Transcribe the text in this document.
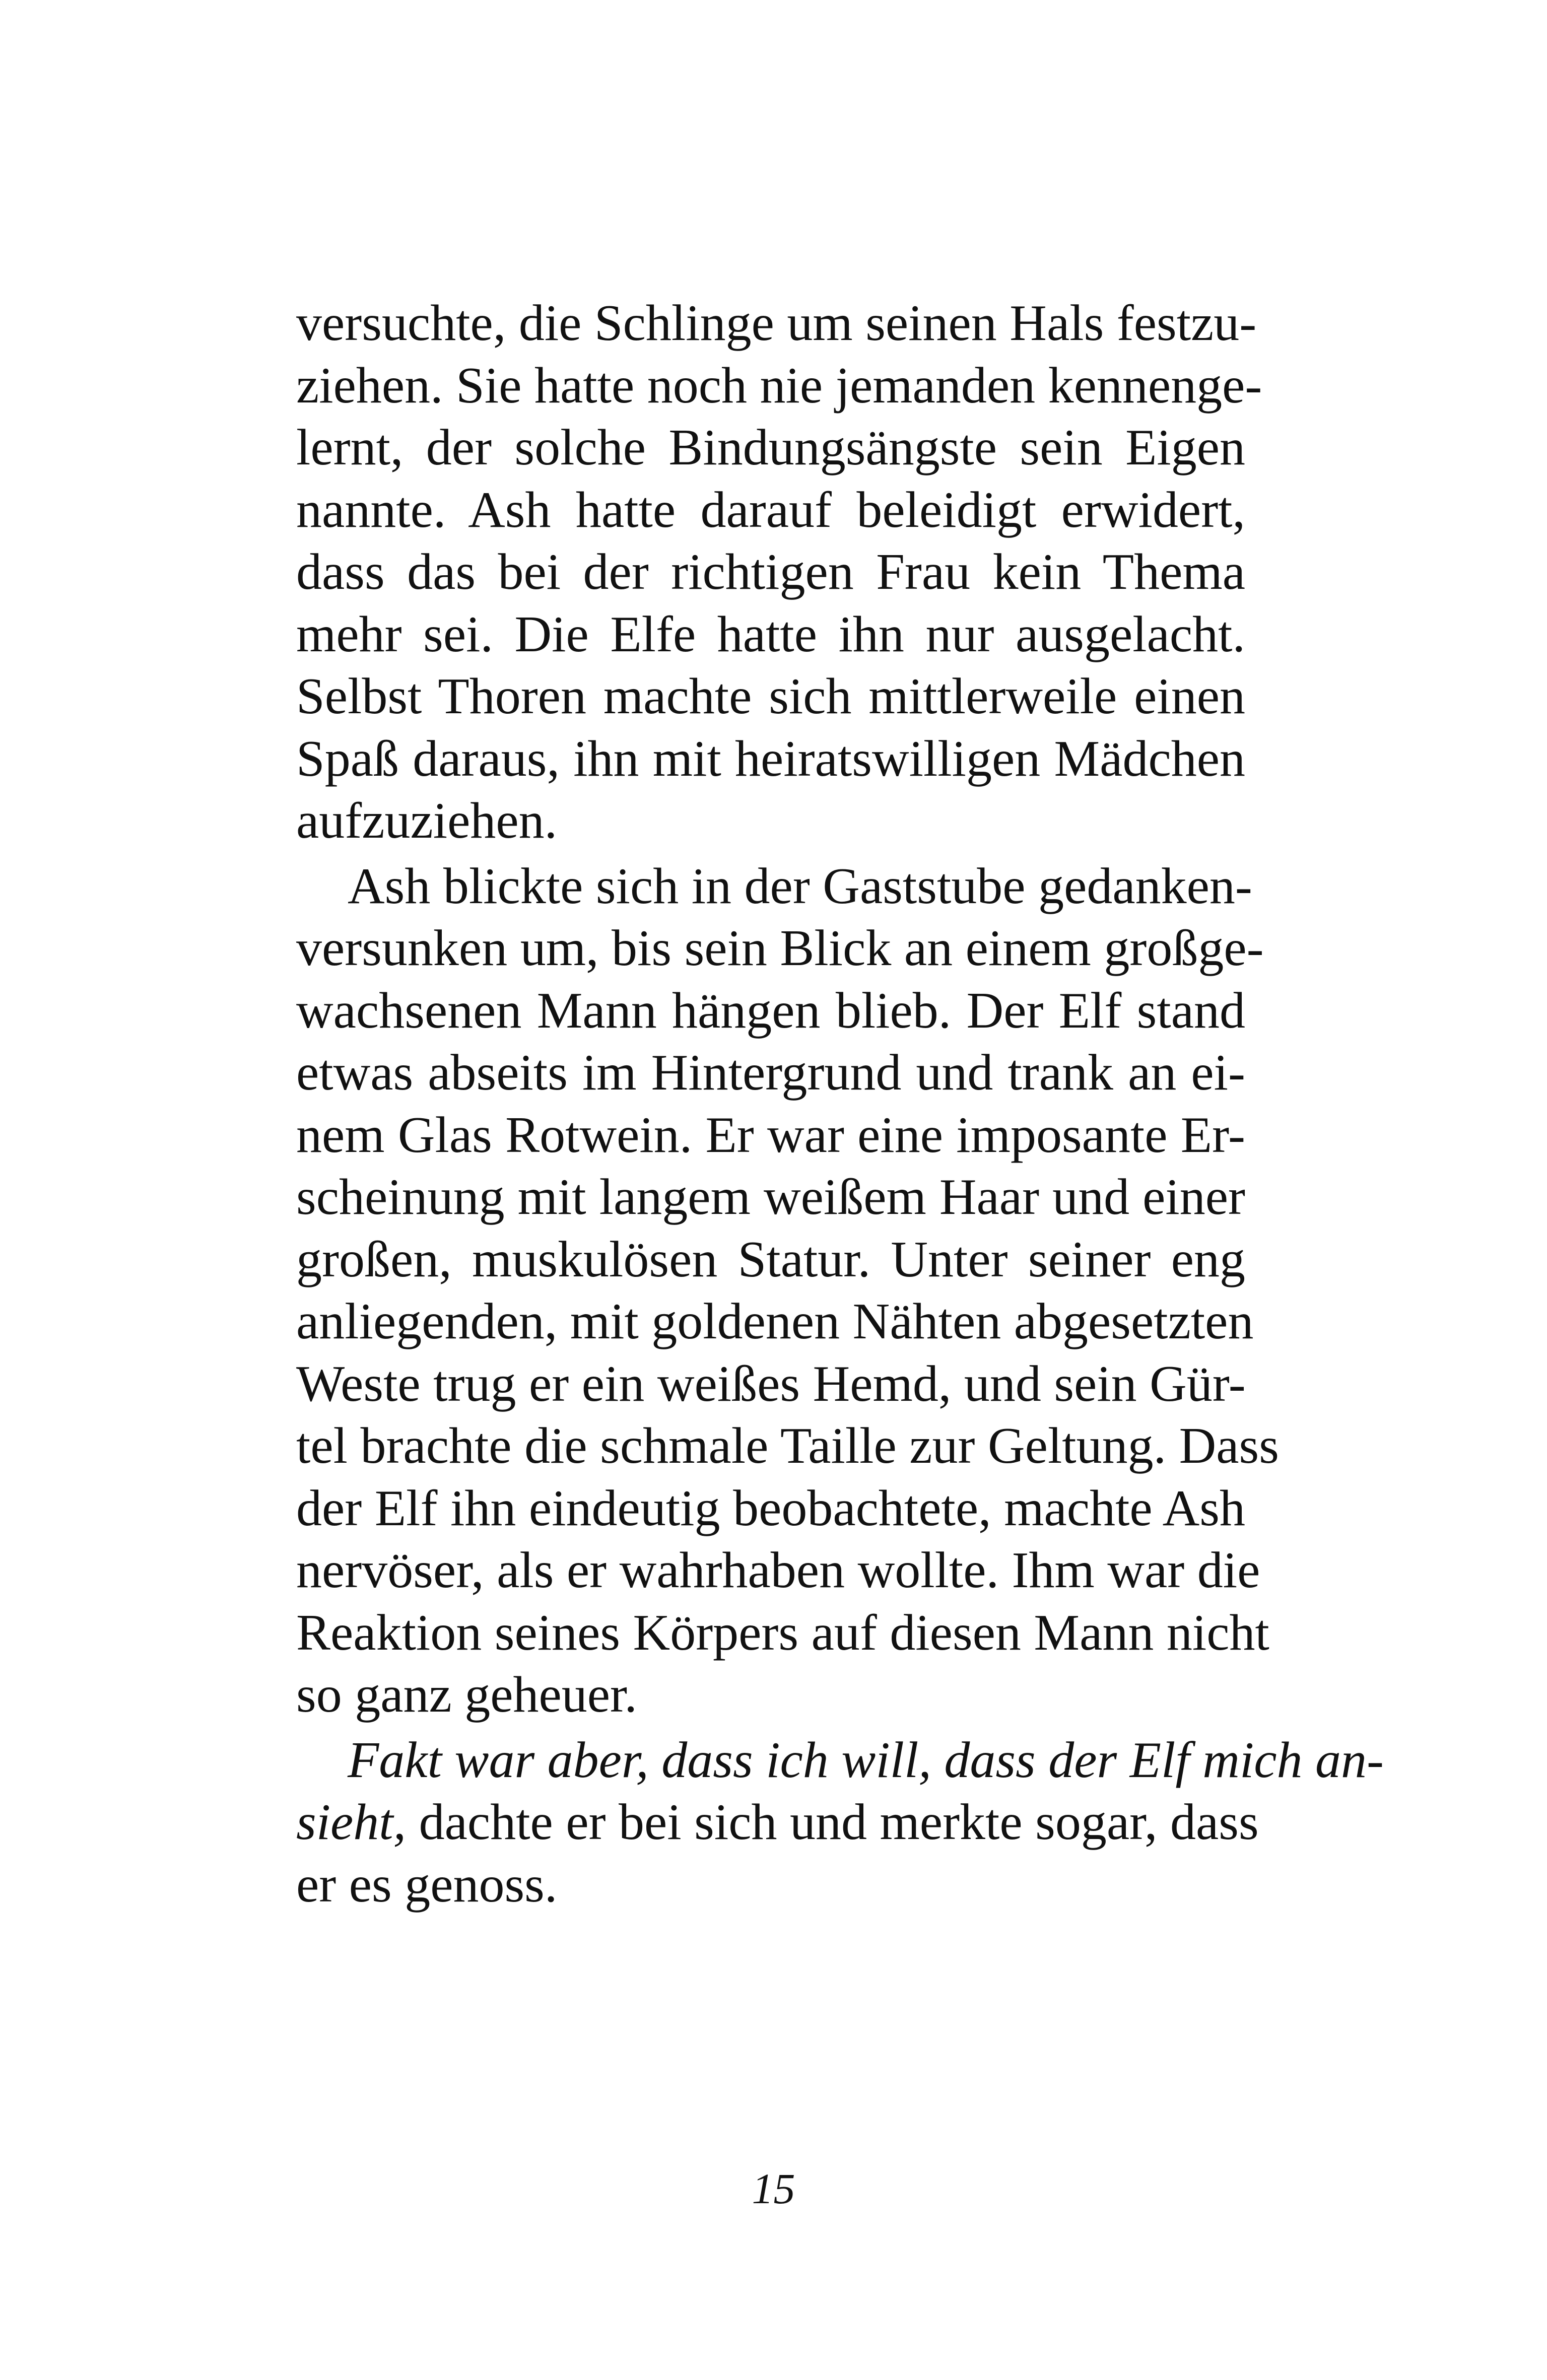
versuchte, die Schlinge um seinen Hals festzu-
ziehen. Sie hatte noch nie jemanden kennenge-
lernt, der solche Bindungsängste sein Eigen
nannte. Ash hatte darauf beleidigt erwidert,
dass das bei der richtigen Frau kein Thema
mehr sei. Die Elfe hatte ihn nur ausgelacht.
Selbst Thoren machte sich mittlerweile einen
Spaß daraus, ihn mit heiratswilligen Mädchen
aufzuziehen.
Ash blickte sich in der Gaststube gedanken-
versunken um, bis sein Blick an einem großge-
wachsenen Mann hängen blieb. Der Elf stand
etwas abseits im Hintergrund und trank an ei-
nem Glas Rotwein. Er war eine imposante Er-
scheinung mit langem weißem Haar und einer
großen, muskulösen Statur. Unter seiner eng
anliegenden, mit goldenen Nähten abgesetzten
Weste trug er ein weißes Hemd, und sein Gür-
tel brachte die schmale Taille zur Geltung. Dass
der Elf ihn eindeutig beobachtete, machte Ash
nervöser, als er wahrhaben wollte. Ihm war die
Reaktion seines Körpers auf diesen Mann nicht
so ganz geheuer.
Fakt war aber, dass ich will, dass der Elf mich an-
sieht, dachte er bei sich und merkte sogar, dass
er es genoss.
15
